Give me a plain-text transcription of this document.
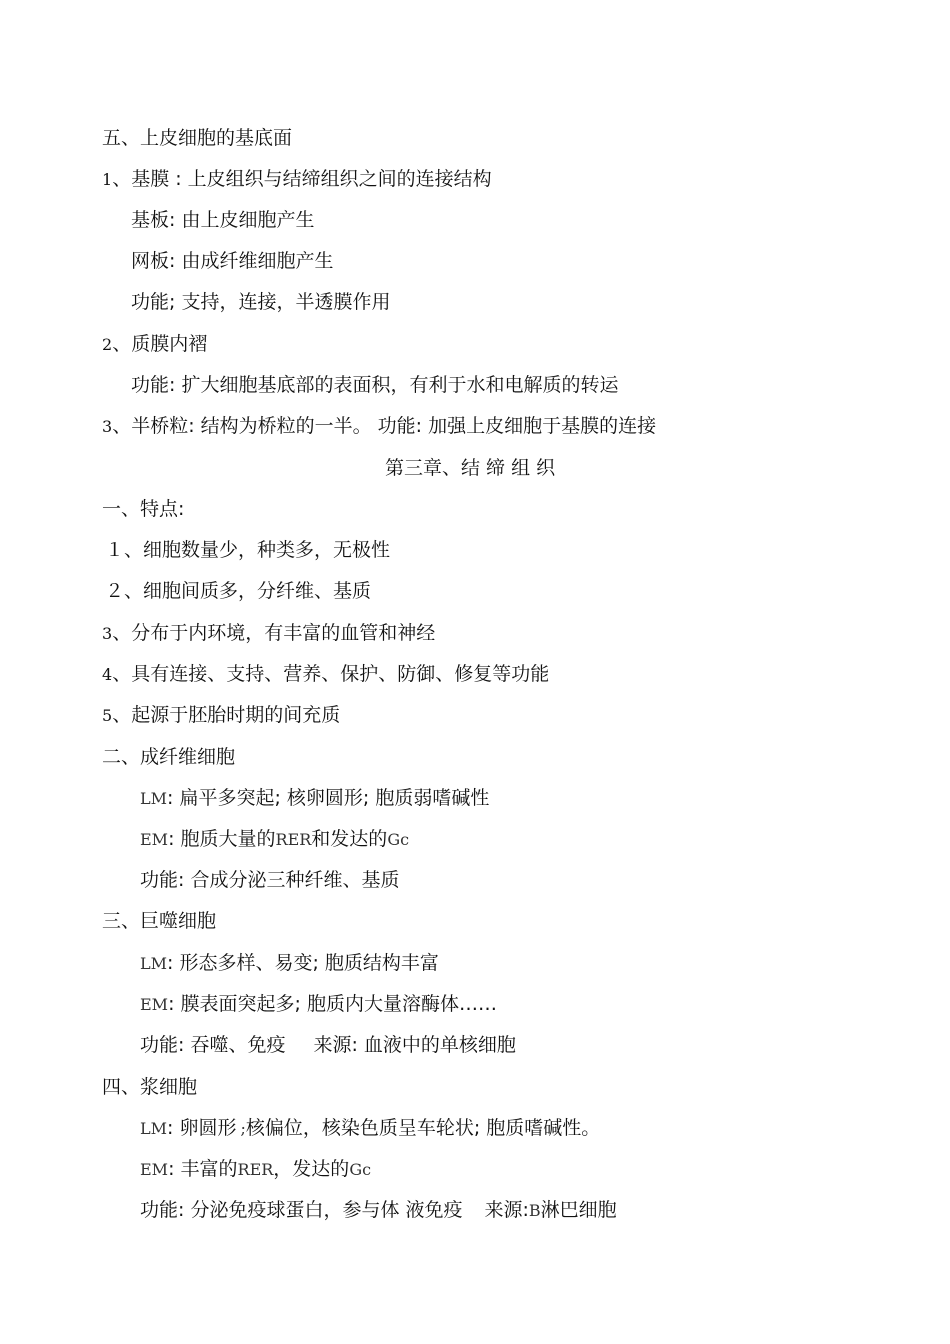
五、上皮细胞的基底面
1、基膜 : 上皮组织与结缔组织之间的连接结构
基板: 由上皮细胞产生
网板: 由成纤维细胞产生
功能; 支持，连接，半透膜作用
2、质膜内褶
功能: 扩大细胞基底部的表面积，有利于水和电解质的转运
3、半桥粒: 结构为桥粒的一半。 功能: 加强上皮细胞于基膜的连接
第三章、结 缔 组 织
一、特点:
１、细胞数量少，种类多，无极性
２、细胞间质多，分纤维、基质
3、分布于内环境，有丰富的血管和神经
4、具有连接、支持、营养、保护、防御、修复等功能
5、起源于胚胎时期的间充质
二、成纤维细胞
LM: 扁平多突起; 核卵圆形; 胞质弱嗜碱性
EM: 胞质大量的RER和发达的Gc
功能: 合成分泌三种纤维、基质
三、巨噬细胞
LM: 形态多样、易变; 胞质结构丰富
EM: 膜表面突起多; 胞质内大量溶酶体……
功能: 吞噬、免疫 来源: 血液中的单核细胞
四、浆细胞
LM: 卵圆形 ;核偏位，核染色质呈车轮状; 胞质嗜碱性。
EM: 丰富的RER，发达的Gc
功能: 分泌免疫球蛋白，参与体 液免疫 来源:B淋巴细胞
